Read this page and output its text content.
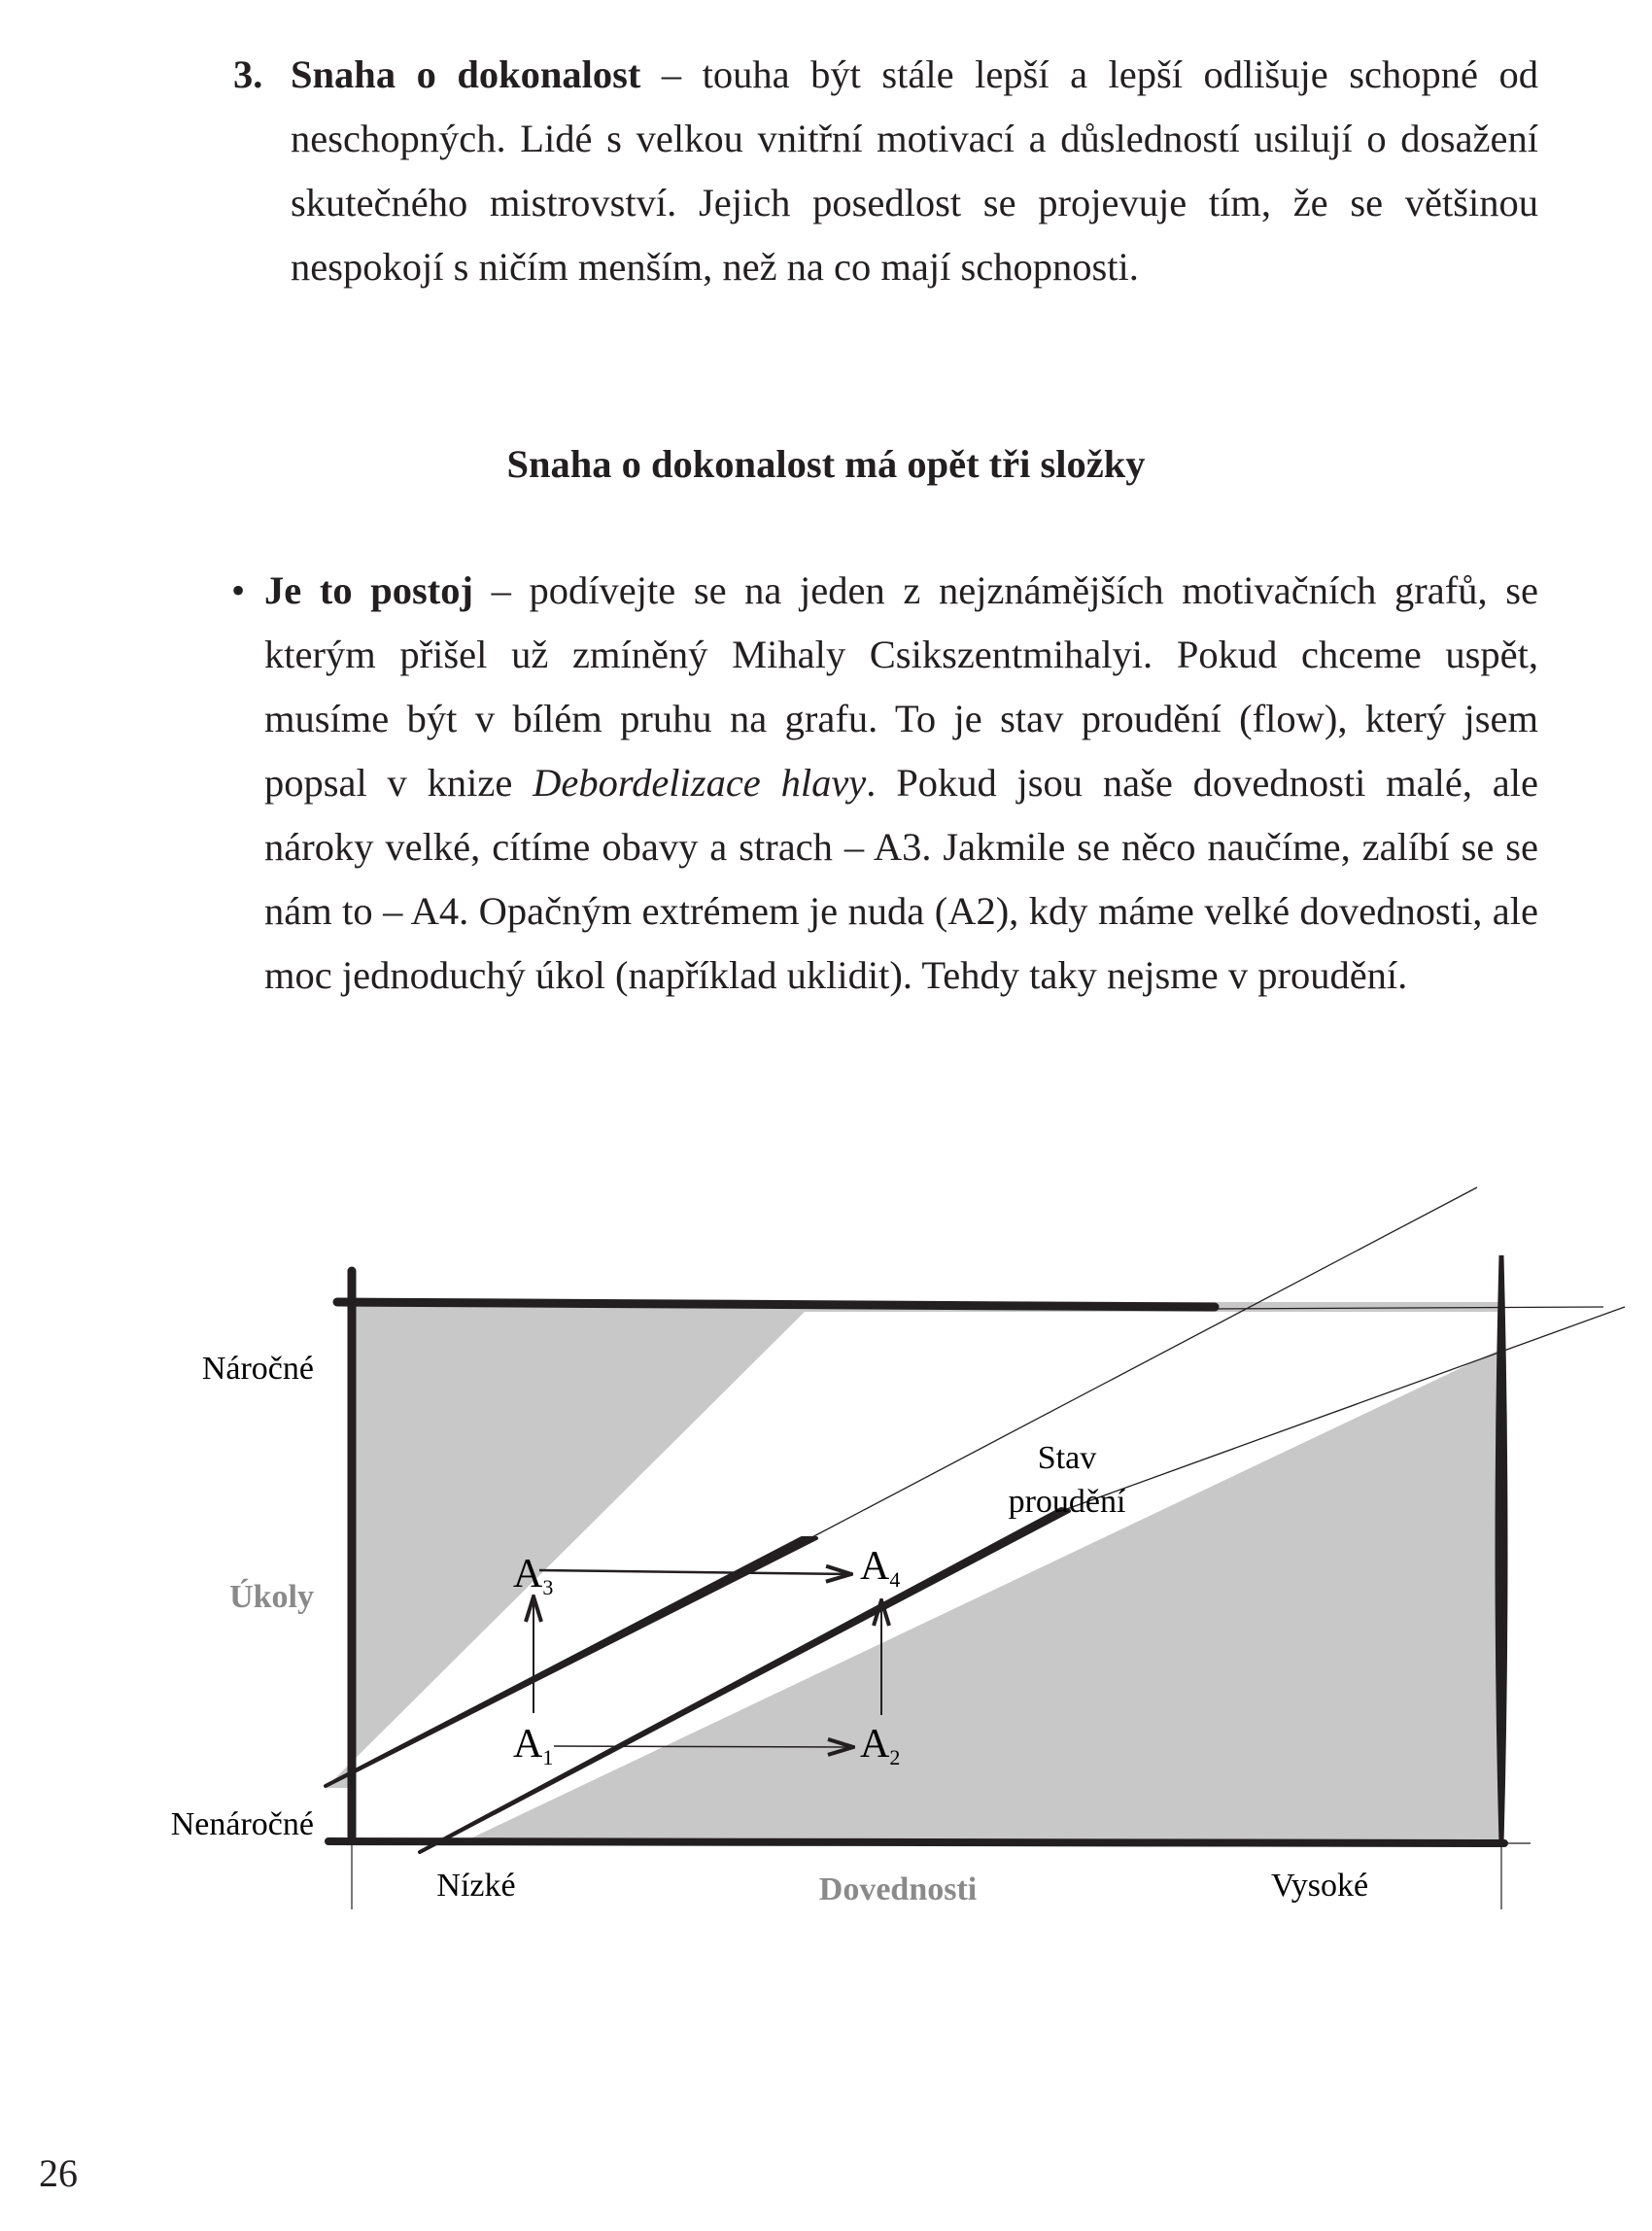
3. Snaha o dokonalost – touha být stále lepší a lepší odlišuje schopné od neschopných. Lidé s velkou vnitřní motivací a důsledností usilují o dosažení skutečného mistrovství. Jejich posedlost se projevuje tím, že se většinou nespokojí s ničím menším, než na co mají schopnosti.
Snaha o dokonalost má opět tři složky
• Je to postoj – podívejte se na jeden z nejznámějších motivačních grafů, se kterým přišel už zmíněný Mihaly Csikszentmihalyi. Pokud chceme uspět, musíme být v bílém pruhu na grafu. To je stav proudění (flow), který jsem popsal v knize Debordelizace hlavy. Pokud jsou naše dovednosti malé, ale nároky velké, cítíme obavy a strach – A3. Jakmile se něco naučíme, zalíbí se se nám to – A4. Opačným extrémem je nuda (A2), kdy máme velké dovednosti, ale moc jednoduchý úkol (například uklidit). Tehdy taky nejsme v proudění.
A1	A2
A3	A4
Stav
proudění
Náročné
Úkoly
Nenáročné
Nízké	Dovednosti	Vysoké
26
